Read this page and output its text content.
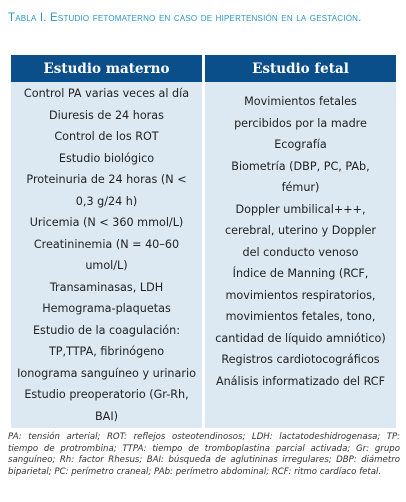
Tabla I. Estudio fetomaterno en caso de hipertensión en la gestación.
Estudio materno	Estudio fetal
Control PA varias veces al día
Diuresis de 24 horas
Control de los ROT
Estudio biológico
Proteinuria de 24 horas (N < 0,3 g/24 h)
Uricemia (N < 360 mmol/L)
Creatininemia (N = 40–60 umol/L)
Transaminasas, LDH
Hemograma-plaquetas
Estudio de la coagulación: TP,TTPA, fibrinógeno
Ionograma sanguíneo y urinario
Estudio preoperatorio (Gr-Rh, BAI)
Movimientos fetales percibidos por la madre
Ecografía
Biometría (DBP, PC, PAb, fémur)
Doppler umbilical+++, cerebral, uterino y Doppler del conducto venoso
Índice de Manning (RCF, movimientos respiratorios, movimientos fetales, tono, cantidad de líquido amniótico)
Registros cardiotocográficos
Análisis informatizado del RCF
PA: tensión arterial; ROT: reflejos osteotendinosos; LDH: lactatodeshidrogenasa; TP: tiempo de protrombina; TTPA: tiempo de tromboplastina parcial activada; Gr: grupo sanguíneo; Rh: factor Rhesus; BAI: búsqueda de aglutininas irregulares; DBP: diámetro biparietal; PC: perímetro craneal; PAb: perímetro abdominal; RCF: ritmo cardíaco fetal.
